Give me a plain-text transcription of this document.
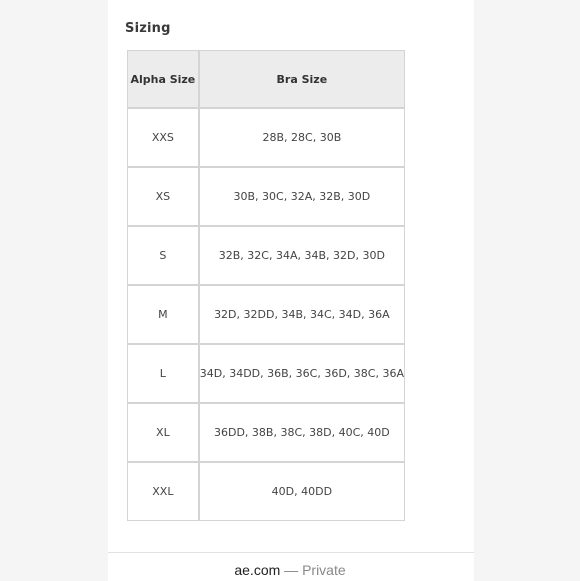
Sizing
Alpha Size	Bra Size
XXS	28B, 28C, 30B
XS	30B, 30C, 32A, 32B, 30D
S	32B, 32C, 34A, 34B, 32D, 30D
M	32D, 32DD, 34B, 34C, 34D, 36A
L	34D, 34DD, 36B, 36C, 36D, 38C, 36A
XL	36DD, 38B, 38C, 38D, 40C, 40D
XXL	40D, 40DD
ae.com — Private
